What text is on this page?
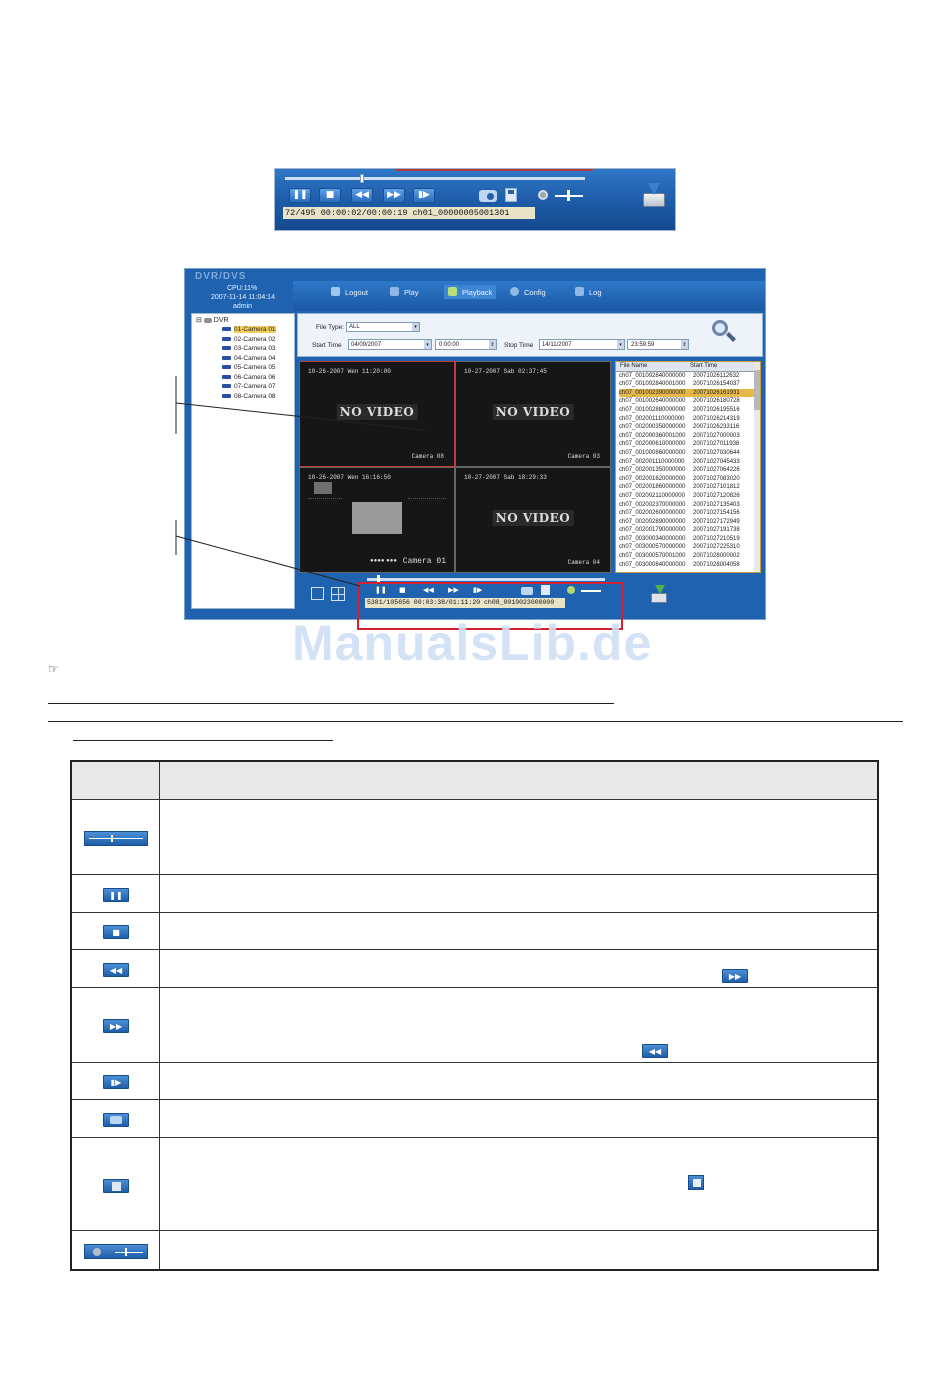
❚❚ ■ ◀◀ ▶▶ ▮▶
72/495 00:00:02/00:00:19 ch01_00000005001301
DVR/DVS
CPU:11%
2007-11-14 11:04:14
admin
Logout	Play	Playback	Config	Log
⊟  DVR
01-Camera 01
02-Camera 02
03-Camera 03
04-Camera 04
05-Camera 05
06-Camera 06
07-Camera 07
08-Camera 08
File Type: ALL	▾
Start Time	04/09/2007	▾	0:00:00	⇕ Stop Time	14/11/2007	▾	23:59:59	⇕
10-26-2007 Wen 11:20:00
NO VIDEO
Camera 08
10-27-2007 Sab 02:37:45
NO VIDEO
Camera 03
10-26-2007 Wen 16:16:50
●●●● ●●● Camera 01
10-27-2007 Sab 18:29:33
NO VIDEO
Camera 04
File Name	Start Time
ch07_001002840000000	20071026112632
ch07_001002840001000	20071026154037
ch07_001002390000000	20071026161931
ch07_001002640000000	20071026180728
ch07_001002880000000	20071026195516
ch07_002001110000000	20071026214319
ch07_002000350000000	20071026233116
ch07_002000360001000	20071027000003
ch07_002000610000000	20071027011938
ch07_001000860000000	20071027030644
ch07_002001110000000	20071027045433
ch07_002001350000000	20071027064226
ch07_002001620000000	20071027083020
ch07_002001860000000	20071027101812
ch07_002002110000000	20071027120826
ch07_002002370000000	20071027135403
ch07_002002600000000	20071027154156
ch07_002002890000000	20071027172949
ch07_002001790000000	20071027191738
ch07_003000340000000	20071027210519
ch07_003000570000000	20071027225310
ch07_003000570001000	20071028000002
ch07_003000840000000	20071028004058
❚❚ ■ ◀◀ ▶▶ ▮▶
5381/105656 00:03:38/01:11:20 ch08_0010023000000
ManualsLib.de
☞
❚❚
■
◀◀
▶▶
▮▶
▶▶
◀◀
